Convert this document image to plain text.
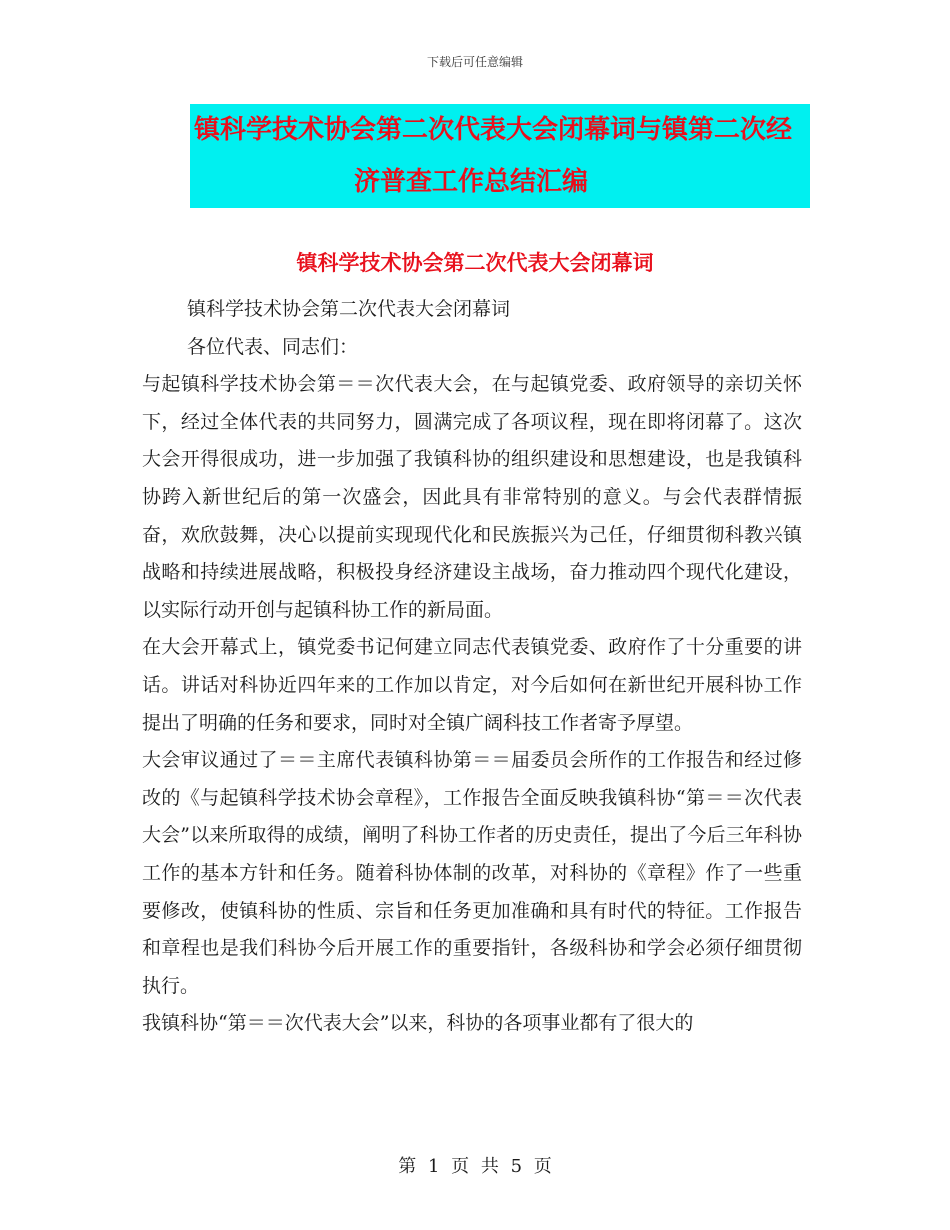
下载后可任意编辑
镇科学技术协会第二次代表大会闭幕词与镇第二次经
济普查工作总结汇编
镇科学技术协会第二次代表大会闭幕词

镇科学技术协会第二次代表大会闭幕词

各位代表、同志们：

与起镇科学技术协会第＝＝次代表大会，在与起镇党委、政府领导的亲切关怀下，经过全体代表的共同努力，圆满完成了各项议程，现在即将闭幕了。这次大会开得很成功，进一步加强了我镇科协的组织建设和思想建设，也是我镇科协跨入新世纪后的第一次盛会，因此具有非常特别的意义。与会代表群情振奋，欢欣鼓舞，决心以提前实现现代化和民族振兴为己任，仔细贯彻科教兴镇战略和持续进展战略，积极投身经济建设主战场，奋力推动四个现代化建设，以实际行动开创与起镇科协工作的新局面。

在大会开幕式上，镇党委书记何建立同志代表镇党委、政府作了十分重要的讲话。讲话对科协近四年来的工作加以肯定，对今后如何在新世纪开展科协工作提出了明确的任务和要求，同时对全镇广阔科技工作者寄予厚望。

大会审议通过了＝＝主席代表镇科协第＝＝届委员会所作的工作报告和经过修改的《与起镇科学技术协会章程》，工作报告全面反映我镇科协“第＝＝次代表大会”以来所取得的成绩，阐明了科协工作者的历史责任，提出了今后三年科协工作的基本方针和任务。随着科协体制的改革，对科协的《章程》作了一些重要修改，使镇科协的性质、宗旨和任务更加准确和具有时代的特征。工作报告和章程也是我们科协今后开展工作的重要指针，各级科协和学会必须仔细贯彻执行。

我镇科协“第＝＝次代表大会”以来，科协的各项事业都有了很大的

第 1 页 共 5 页
